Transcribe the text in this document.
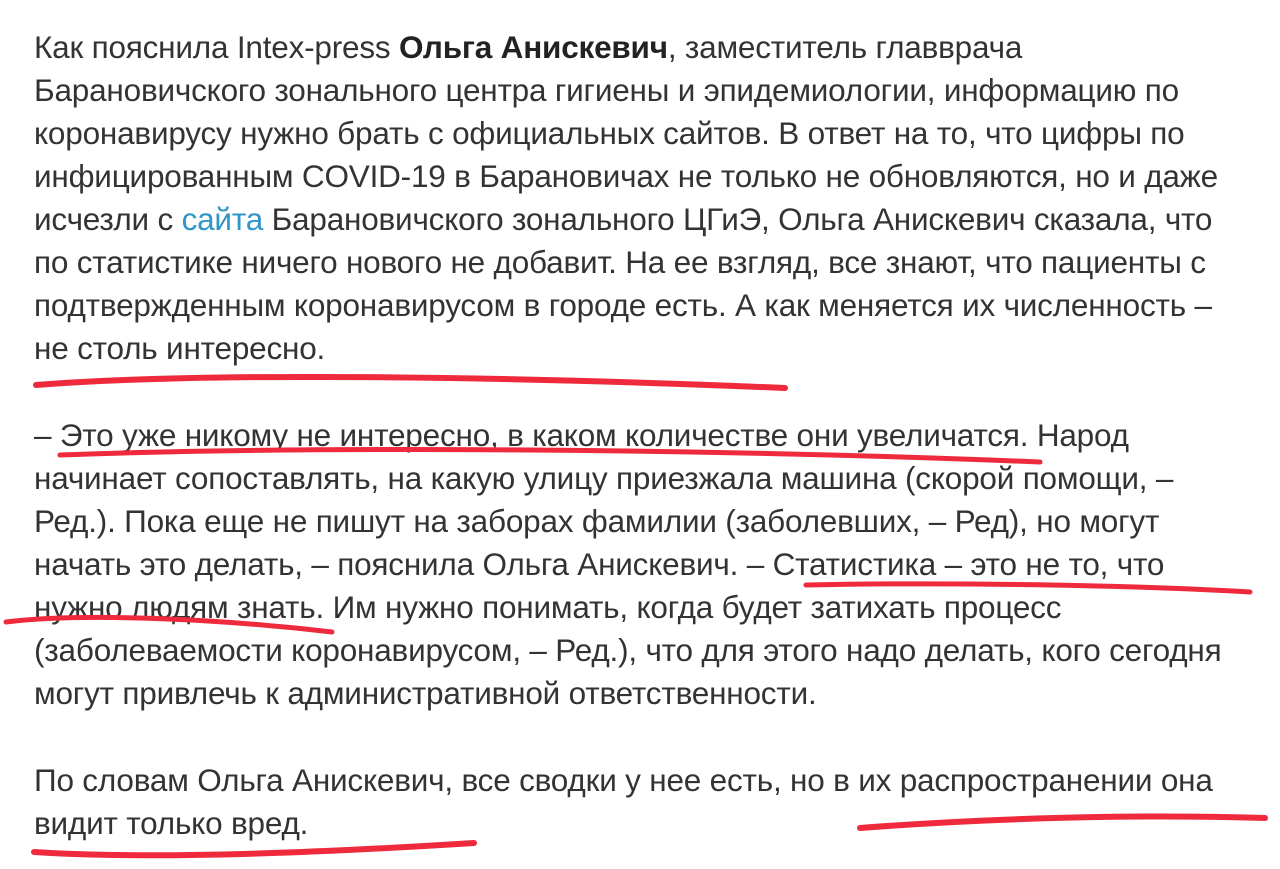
Как пояснила Intex-press Ольга Анискевич, заместитель главврача Барановичского зонального центра гигиены и эпидемиологии, информацию по коронавирусу нужно брать с официальных сайтов. В ответ на то, что цифры по инфицированным COVID-19 в Барановичах не только не обновляются, но и даже исчезли с сайта Барановичского зонального ЦГиЭ, Ольга Анискевич сказала, что по статистике ничего нового не добавит. На ее взгляд, все знают, что пациенты с подтвержденным коронавирусом в городе есть. А как меняется их численность – не столь интересно.

– Это уже никому не интересно, в каком количестве они увеличатся. Народ начинает сопоставлять, на какую улицу приезжала машина (скорой помощи, – Ред.). Пока еще не пишут на заборах фамилии (заболевших, – Ред), но могут начать это делать, – пояснила Ольга Анискевич. – Статистика – это не то, что нужно людям знать. Им нужно понимать, когда будет затихать процесс (заболеваемости коронавирусом, – Ред.), что для этого надо делать, кого сегодня могут привлечь к административной ответственности.

По словам Ольга Анискевич, все сводки у нее есть, но в их распространении она видит только вред.
